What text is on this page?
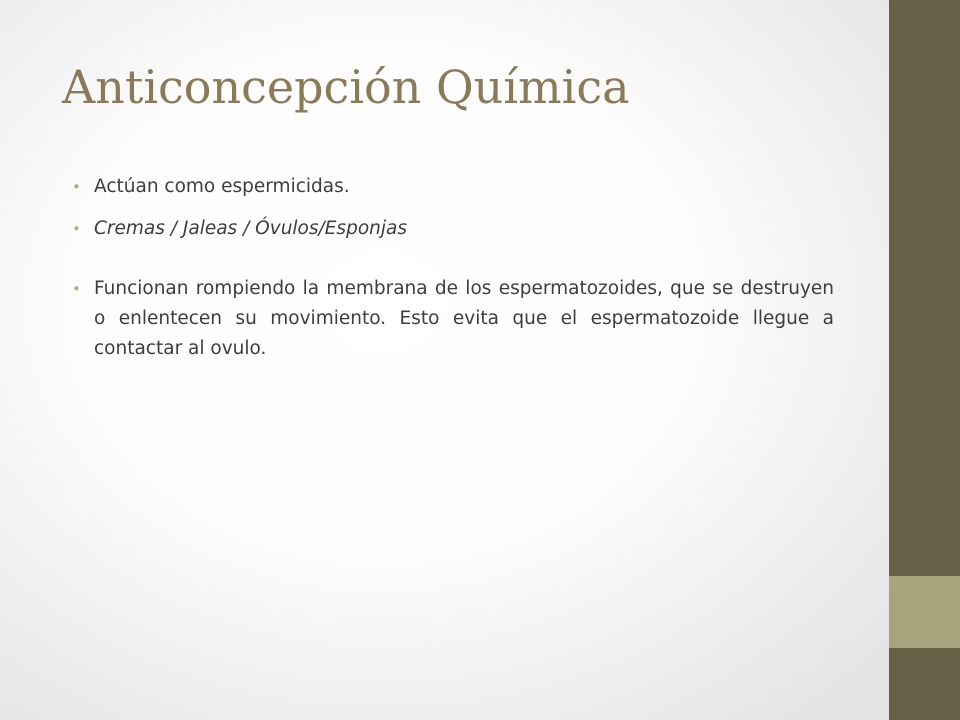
Anticoncepción Química
• Actúan como espermicidas.
• Cremas / Jaleas / Óvulos/Esponjas
• Funcionan rompiendo la membrana de los espermatozoides, que se destruyen o enlentecen su movimiento. Esto evita que el espermatozoide llegue a contactar al ovulo.
